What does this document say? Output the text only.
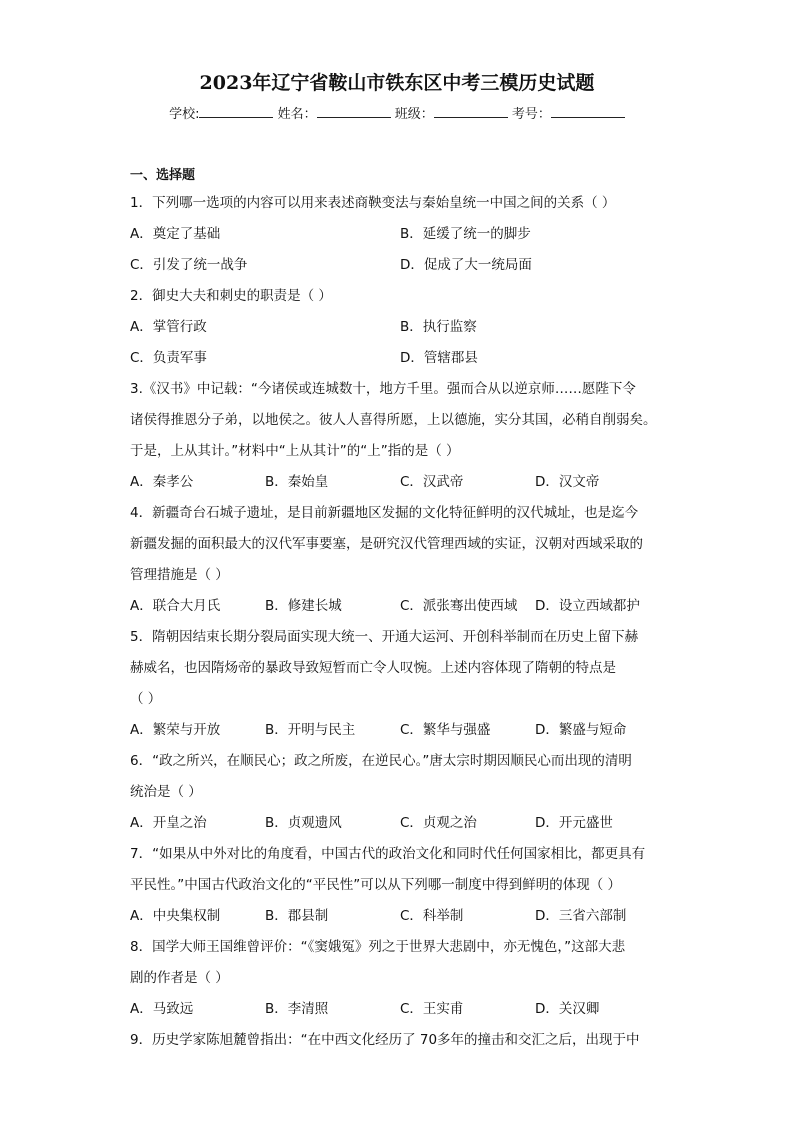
2023年辽宁省鞍山市铁东区中考三模历史试题
学校:	姓名：	班级：	考号：
一、选择题
1．下列哪一选项的内容可以用来表述商鞅变法与秦始皇统一中国之间的关系（ ）
A．奠定了基础	B．延缓了统一的脚步
C．引发了统一战争	D．促成了大一统局面
2．御史大夫和刺史的职责是（ ）
A．掌管行政	B．执行监察
C．负责军事	D．管辖郡县
3.《汉书》中记载：“今诸侯或连城数十，地方千里。强而合从以逆京师……愿陛下令
诸侯得推恩分子弟，以地侯之。彼人人喜得所愿，上以德施，实分其国，必稍自削弱矣。
于是，上从其计。”材料中“上从其计”的“上”指的是（ ）
A．秦孝公	B．秦始皇	C．汉武帝	D．汉文帝
4．新疆奇台石城子遗址，是目前新疆地区发掘的文化特征鲜明的汉代城址，也是迄今
新疆发掘的面积最大的汉代军事要塞，是研究汉代管理西域的实证，汉朝对西域采取的
管理措施是（ ）
A．联合大月氏	B．修建长城	C．派张骞出使西域	D．设立西域都护
5．隋朝因结束长期分裂局面实现大统一、开通大运河、开创科举制而在历史上留下赫
赫威名，也因隋炀帝的暴政导致短暂而亡令人叹惋。上述内容体现了隋朝的特点是
（ ）
A．繁荣与开放	B．开明与民主	C．繁华与强盛	D．繁盛与短命
6．“政之所兴，在顺民心；政之所废，在逆民心。”唐太宗时期因顺民心而出现的清明
统治是（ ）
A．开皇之治	B．贞观遗风	C．贞观之治	D．开元盛世
7．“如果从中外对比的角度看，中国古代的政治文化和同时代任何国家相比，都更具有
平民性。”中国古代政治文化的“平民性”可以从下列哪一制度中得到鲜明的体现（ ）
A．中央集权制	B．郡县制	C．科举制	D．三省六部制
8．国学大师王国维曾评价：“《窦娥冤》列之于世界大悲剧中，亦无愧色，”这部大悲
剧的作者是（ ）
A．马致远	B．李清照	C．王实甫	D．关汉卿
9．历史学家陈旭麓曾指出：“在中西文化经历了 70多年的撞击和交汇之后，出现于中
